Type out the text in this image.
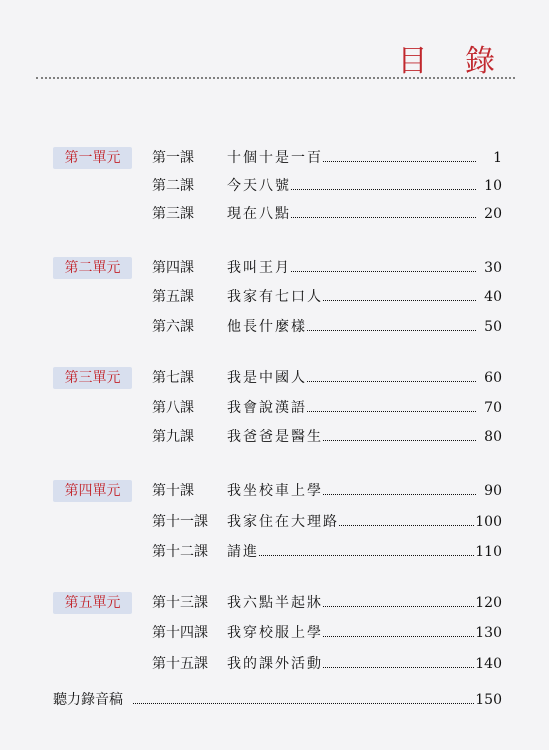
目 錄
第一單元	第一課	十個十是一百	1
第二課	今天八號	10
第三課	現在八點	20
第二單元	第四課	我叫王月	30
第五課	我家有七口人	40
第六課	他長什麼樣	50
第三單元	第七課	我是中國人	60
第八課	我會說漢語	70
第九課	我爸爸是醫生	80
第四單元	第十課	我坐校車上學	90
第十一課	我家住在大理路	100
第十二課	請進	110
第五單元	第十三課	我六點半起牀	120
第十四課	我穿校服上學	130
第十五課	我的課外活動	140
聽力錄音稿	150
